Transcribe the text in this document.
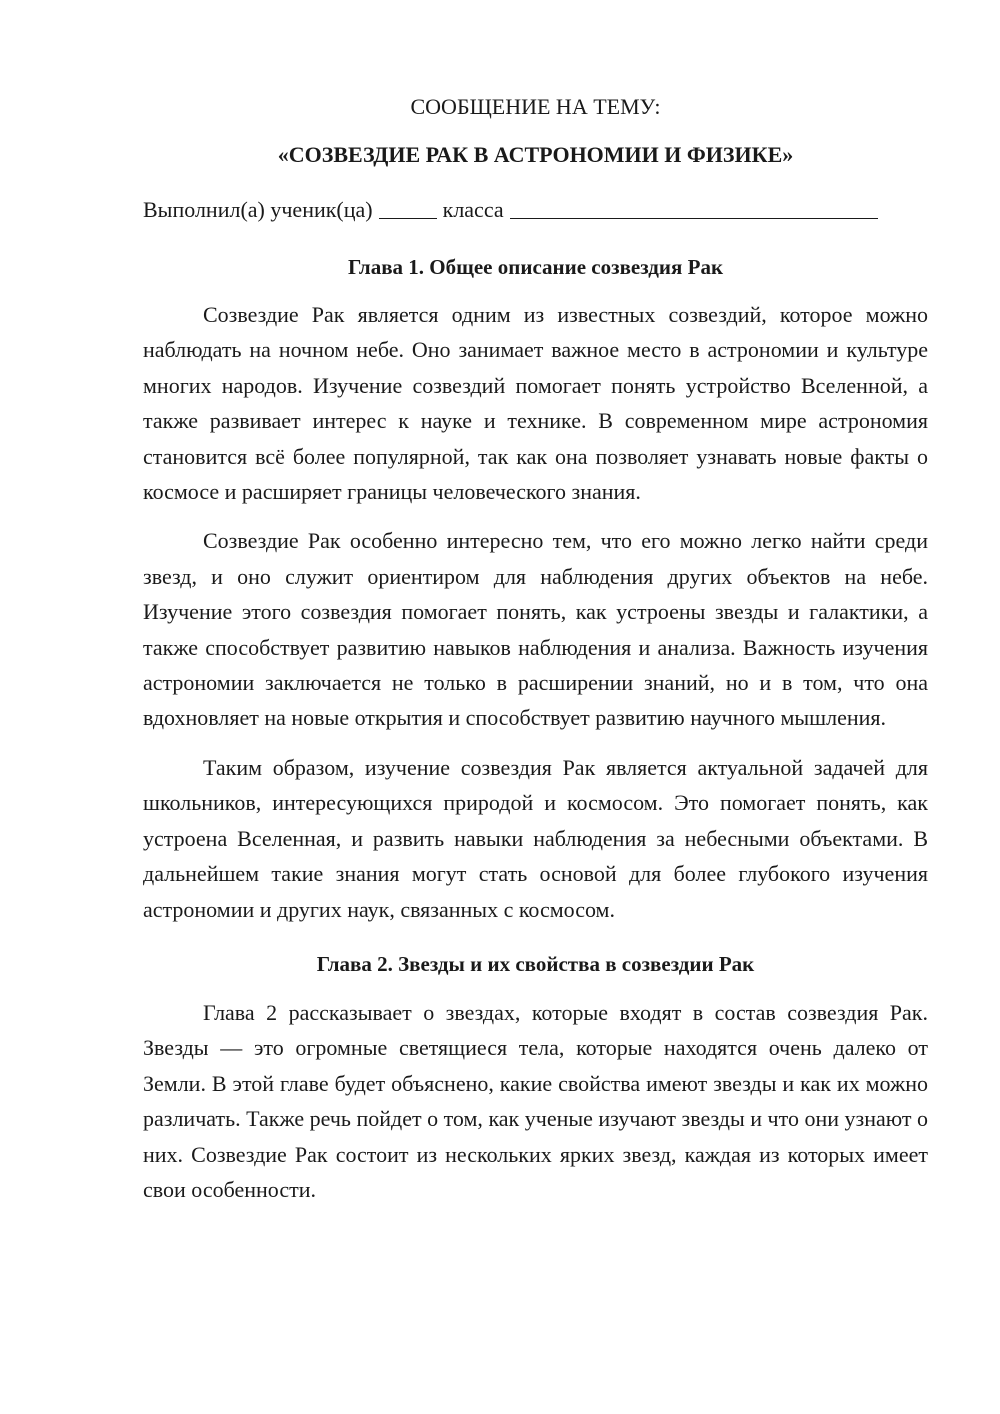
СООБЩЕНИЕ НА ТЕМУ:

«СОЗВЕЗДИЕ РАК В АСТРОНОМИИ И ФИЗИКЕ»

Выполнил(а) ученик(ца)	класса
Глава 1. Общее описание созвездия Рак

Созвездие Рак является одним из известных созвездий, которое можно наблюдать на ночном небе. Оно занимает важное место в астрономии и культуре многих народов. Изучение созвездий помогает понять устройство Вселенной, а также развивает интерес к науке и технике. В современном мире астрономия становится всё более популярной, так как она позволяет узнавать новые факты о космосе и расширяет границы человеческого знания.

Созвездие Рак особенно интересно тем, что его можно легко найти среди звезд, и оно служит ориентиром для наблюдения других объектов на небе. Изучение этого созвездия помогает понять, как устроены звезды и галактики, а также способствует развитию навыков наблюдения и анализа. Важность изучения астрономии заключается не только в расширении знаний, но и в том, что она вдохновляет на новые открытия и способствует развитию научного мышления.

Таким образом, изучение созвездия Рак является актуальной задачей для школьников, интересующихся природой и космосом. Это помогает понять, как устроена Вселенная, и развить навыки наблюдения за небесными объектами. В дальнейшем такие знания могут стать основой для более глубокого изучения астрономии и других наук, связанных с космосом.

Глава 2. Звезды и их свойства в созвездии Рак

Глава 2 рассказывает о звездах, которые входят в состав созвездия Рак. Звезды — это огромные светящиеся тела, которые находятся очень далеко от Земли. В этой главе будет объяснено, какие свойства имеют звезды и как их можно различать. Также речь пойдет о том, как ученые изучают звезды и что они узнают о них. Созвездие Рак состоит из нескольких ярких звезд, каждая из которых имеет свои особенности.
